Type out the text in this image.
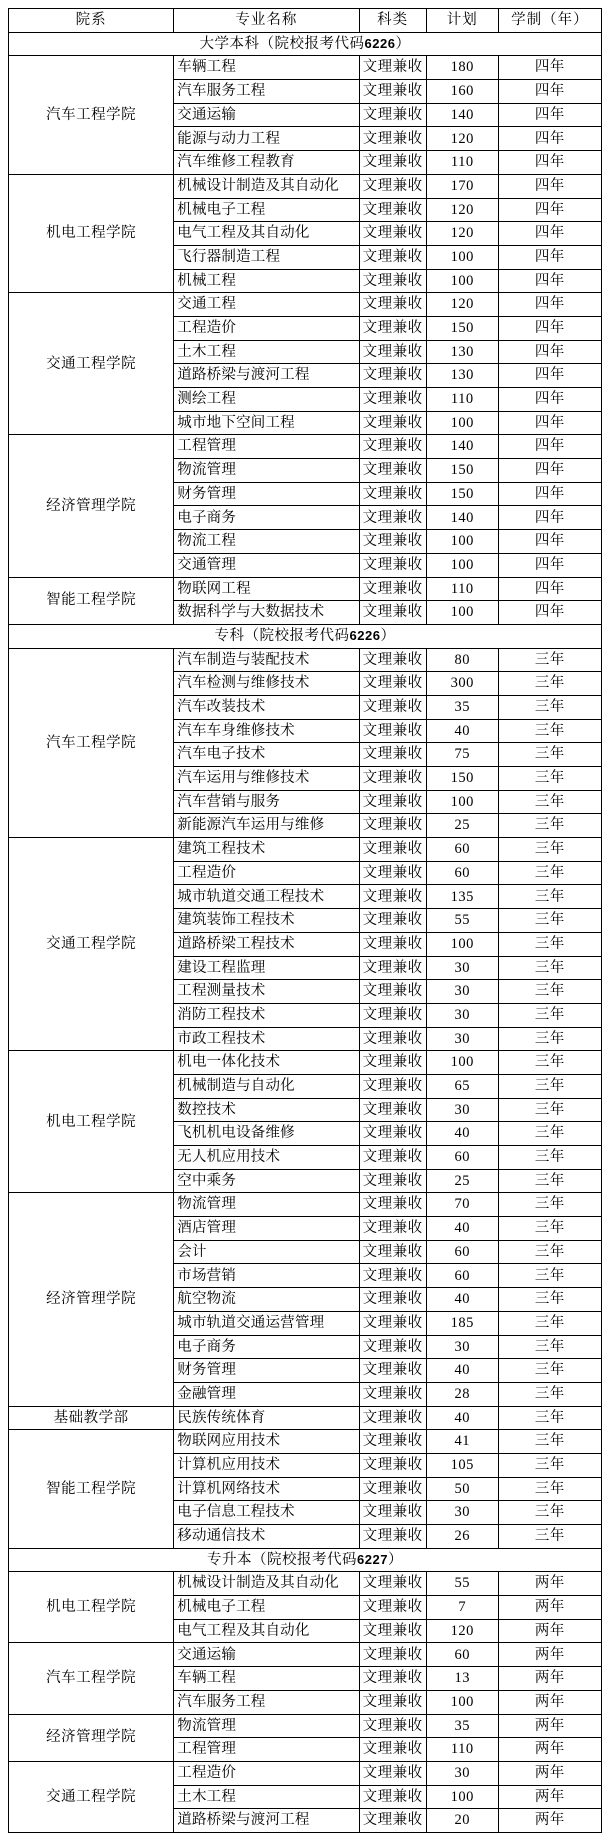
院系	专业名称	科类	计划	学制（年）
大学本科（院校报考代码6226）				
汽车工程学院	车辆工程	文理兼收	180	四年
	汽车服务工程	文理兼收	160	四年
	交通运输	文理兼收	140	四年
	能源与动力工程	文理兼收	120	四年
	汽车维修工程教育	文理兼收	110	四年
机电工程学院	机械设计制造及其自动化	文理兼收	170	四年
	机械电子工程	文理兼收	120	四年
	电气工程及其自动化	文理兼收	120	四年
	飞行器制造工程	文理兼收	100	四年
	机械工程	文理兼收	100	四年
交通工程学院	交通工程	文理兼收	120	四年
	工程造价	文理兼收	150	四年
	土木工程	文理兼收	130	四年
	道路桥梁与渡河工程	文理兼收	130	四年
	测绘工程	文理兼收	110	四年
	城市地下空间工程	文理兼收	100	四年
经济管理学院	工程管理	文理兼收	140	四年
	物流管理	文理兼收	150	四年
	财务管理	文理兼收	150	四年
	电子商务	文理兼收	140	四年
	物流工程	文理兼收	100	四年
	交通管理	文理兼收	100	四年
智能工程学院	物联网工程	文理兼收	110	四年
	数据科学与大数据技术	文理兼收	100	四年
专科（院校报考代码6226）				
汽车工程学院	汽车制造与装配技术	文理兼收	80	三年
	汽车检测与维修技术	文理兼收	300	三年
	汽车改装技术	文理兼收	35	三年
	汽车车身维修技术	文理兼收	40	三年
	汽车电子技术	文理兼收	75	三年
	汽车运用与维修技术	文理兼收	150	三年
	汽车营销与服务	文理兼收	100	三年
	新能源汽车运用与维修	文理兼收	25	三年
交通工程学院	建筑工程技术	文理兼收	60	三年
	工程造价	文理兼收	60	三年
	城市轨道交通工程技术	文理兼收	135	三年
	建筑装饰工程技术	文理兼收	55	三年
	道路桥梁工程技术	文理兼收	100	三年
	建设工程监理	文理兼收	30	三年
	工程测量技术	文理兼收	30	三年
	消防工程技术	文理兼收	30	三年
	市政工程技术	文理兼收	30	三年
机电工程学院	机电一体化技术	文理兼收	100	三年
	机械制造与自动化	文理兼收	65	三年
	数控技术	文理兼收	30	三年
	飞机机电设备维修	文理兼收	40	三年
	无人机应用技术	文理兼收	60	三年
	空中乘务	文理兼收	25	三年
经济管理学院	物流管理	文理兼收	70	三年
	酒店管理	文理兼收	40	三年
	会计	文理兼收	60	三年
	市场营销	文理兼收	60	三年
	航空物流	文理兼收	40	三年
	城市轨道交通运营管理	文理兼收	185	三年
	电子商务	文理兼收	30	三年
	财务管理	文理兼收	40	三年
	金融管理	文理兼收	28	三年
基础教学部	民族传统体育	文理兼收	40	三年
智能工程学院	物联网应用技术	文理兼收	41	三年
	计算机应用技术	文理兼收	105	三年
	计算机网络技术	文理兼收	50	三年
	电子信息工程技术	文理兼收	30	三年
	移动通信技术	文理兼收	26	三年
专升本（院校报考代码6227）				
机电工程学院	机械设计制造及其自动化	文理兼收	55	两年
	机械电子工程	文理兼收	7	两年
	电气工程及其自动化	文理兼收	120	两年
汽车工程学院	交通运输	文理兼收	60	两年
	车辆工程	文理兼收	13	两年
	汽车服务工程	文理兼收	100	两年
经济管理学院	物流管理	文理兼收	35	两年
	工程管理	文理兼收	110	两年
交通工程学院	工程造价	文理兼收	30	两年
	土木工程	文理兼收	100	两年
	道路桥梁与渡河工程	文理兼收	20	两年
